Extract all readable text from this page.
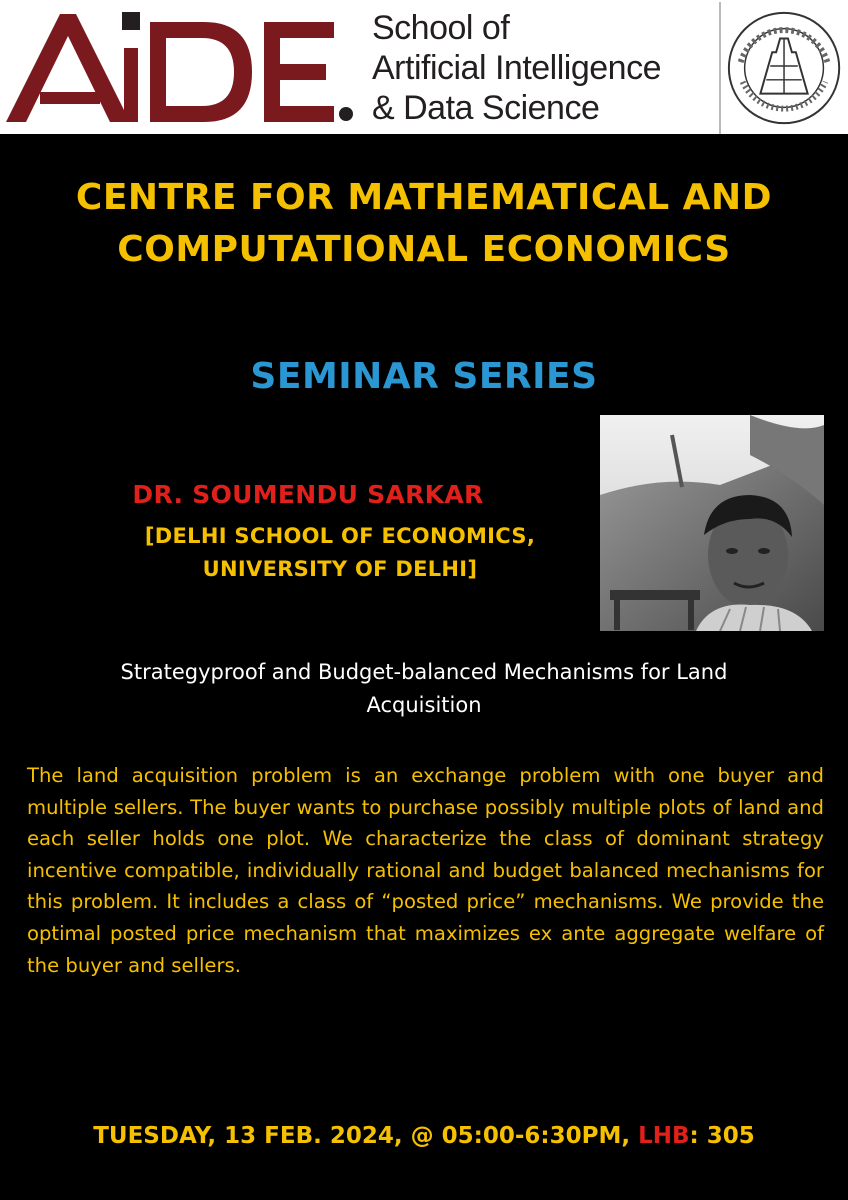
School of
Artificial Intelligence
& Data Science
CENTRE FOR MATHEMATICAL AND
COMPUTATIONAL ECONOMICS
SEMINAR SERIES
DR. SOUMENDU SARKAR
[DELHI SCHOOL OF ECONOMICS,
UNIVERSITY OF DELHI]
Strategyproof and Budget-balanced Mechanisms for Land
Acquisition
The land acquisition problem is an exchange problem with one buyer and multiple sellers. The buyer wants to purchase possibly multiple plots of land and each seller holds one plot. We characterize the class of dominant strategy incentive compatible, individually rational and budget balanced mechanisms for this problem. It includes a class of “posted price” mechanisms. We provide the optimal posted price mechanism that maximizes ex ante aggregate welfare of the buyer and sellers.
TUESDAY, 13 FEB. 2024, @ 05:00-6:30PM, LHB: 305
